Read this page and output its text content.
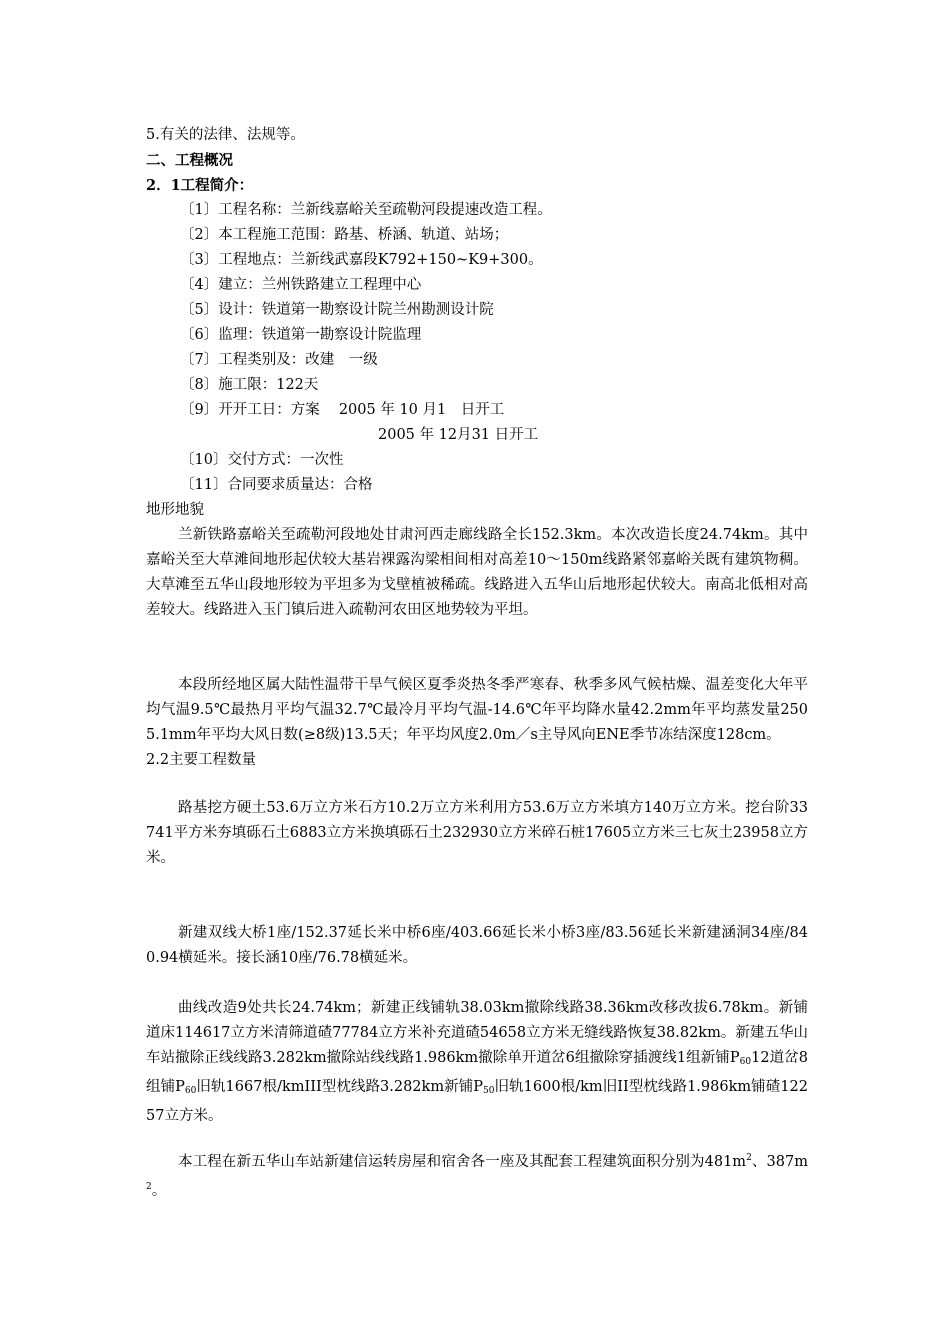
5.有关的法律、法规等。
二、工程概况
2．1工程简介：
〔1〕工程名称：兰新线嘉峪关至疏勒河段提速改造工程。
〔2〕本工程施工范围：路基、桥涵、轨道、站场；
〔3〕工程地点：兰新线武嘉段K792+150~K9+300。
〔4〕建立：兰州铁路建立工程理中心
〔5〕设计：铁道第一勘察设计院兰州勘测设计院
〔6〕监理：铁道第一勘察设计院监理
〔7〕工程类别及：改建　一级
〔8〕施工限：122天
〔9〕开开工日：方案　 2005 年 10 月1　日开工
2005 年 12月31 日开工
〔10〕交付方式：一次性
〔11〕合同要求质量达：合格
地形地貌
兰新铁路嘉峪关至疏勒河段地处甘肃河西走廊线路全长152.3km。本次改造长度24.74km。其中嘉峪关至大草滩间地形起伏较大基岩裸露沟梁相间相对高差10～150m线路紧邻嘉峪关既有建筑物稠。大草滩至五华山段地形较为平坦多为戈壁植被稀疏。线路进入五华山后地形起伏较大。南高北低相对高差较大。线路进入玉门镇后进入疏勒河农田区地势较为平坦。
本段所经地区属大陆性温带干旱气候区夏季炎热冬季严寒春、秋季多风气候枯燥、温差变化大年平均气温9.5℃最热月平均气温32.7℃最冷月平均气温-14.6℃年平均降水量42.2mm年平均蒸发量2505.1mm年平均大风日数(≥8级)13.5天；年平均风度2.0m／s主导风向ENE季节冻结深度128cm。
2.2主要工程数量
路基挖方硬土53.6万立方米石方10.2万立方米利用方53.6万立方米填方140万立方米。挖台阶33741平方米夯填砾石土6883立方米换填砾石土232930立方米碎石桩17605立方米三七灰土23958立方米。
新建双线大桥1座/152.37延长米中桥6座/403.66延长米小桥3座/83.56延长米新建涵洞34座/840.94横延米。接长涵10座/76.78横延米。
曲线改造9处共长24.74km；新建正线铺轨38.03km撤除线路38.36km改移改拔6.78km。新铺道床114617立方米清筛道碴77784立方米补充道碴54658立方米无缝线路恢复38.82km。新建五华山车站撤除正线线路3.282km撤除站线线路1.986km撤除单开道岔6组撤除穿插渡线1组新铺$P_{60}12$道岔8组铺$P_{60}$旧轨1667根/kmIII型枕线路3.282km新铺$P_{50}$旧轨1600根/km旧II型枕线路1.986km铺碴12257立方米。
本工程在新五华山车站新建信运转房屋和宿舍各一座及其配套工程建筑面积分别为$481m^2$、$387m^2$。
